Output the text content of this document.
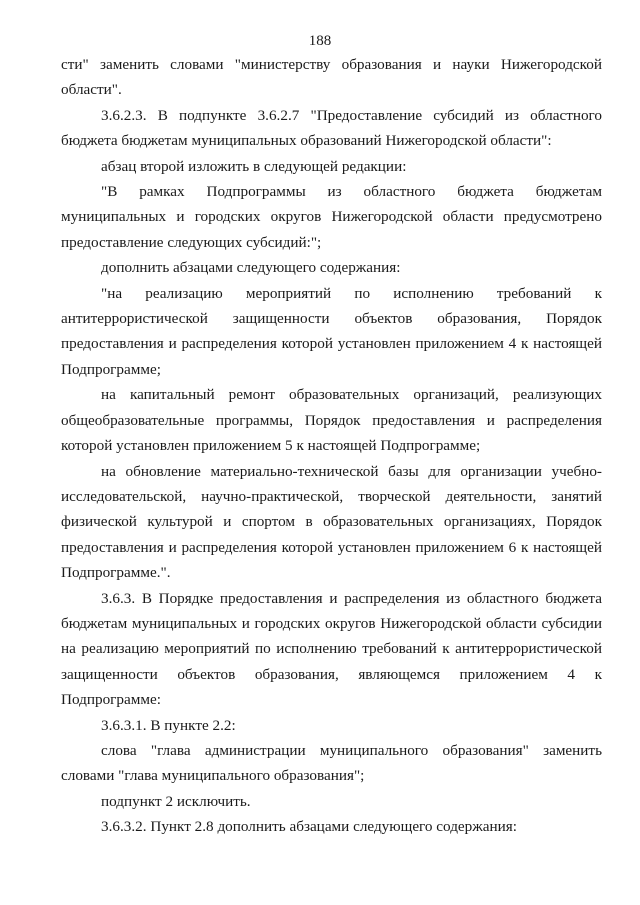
188

сти" заменить словами "министерству образования и науки Нижегородской области".

3.6.2.3. В подпункте 3.6.2.7 "Предоставление субсидий из областного бюджета бюджетам муниципальных образований Нижегородской области":

абзац второй изложить в следующей редакции:

"В рамках Подпрограммы из областного бюджета бюджетам муниципальных и городских округов Нижегородской области предусмотрено предоставление следующих субсидий:";

дополнить абзацами следующего содержания:

"на реализацию мероприятий по исполнению требований к антитеррористической защищенности объектов образования, Порядок предоставления и распределения которой установлен приложением 4 к настоящей Подпрограмме;

на капитальный ремонт образовательных организаций, реализующих общеобразовательные программы, Порядок предоставления и распределения которой установлен приложением 5 к настоящей Подпрограмме;

на обновление материально-технической базы для организации учебно-исследовательской, научно-практической, творческой деятельности, занятий физической культурой и спортом в образовательных организациях, Порядок предоставления и распределения которой установлен приложением 6 к настоящей Подпрограмме.".

3.6.3. В Порядке предоставления и распределения из областного бюджета бюджетам муниципальных и городских округов Нижегородской области субсидии на реализацию мероприятий по исполнению требований к антитеррористической защищенности объектов образования, являющемся приложением 4 к Подпрограмме:

3.6.3.1. В пункте 2.2:

слова "глава администрации муниципального образования" заменить словами "глава муниципального образования";

подпункт 2 исключить.

3.6.3.2. Пункт 2.8 дополнить абзацами следующего содержания:
